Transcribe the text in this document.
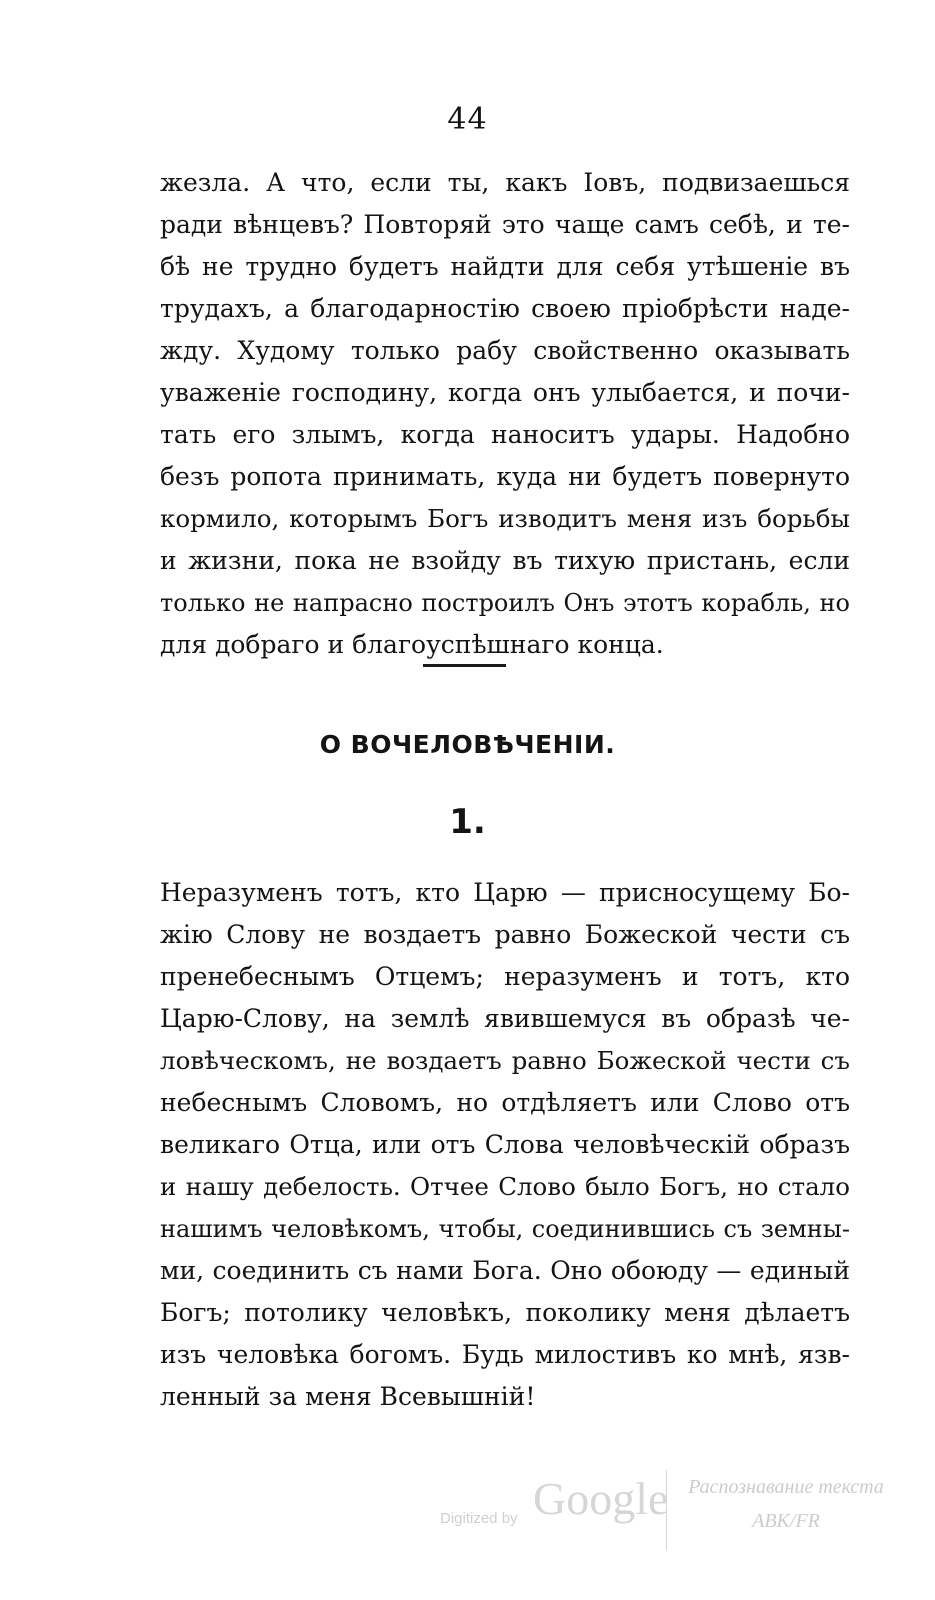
44
жезла. А что, если ты, какъ Іовъ, подвизаешься
ради вѣнцевъ? Повторяй это чаще самъ себѣ, и те-
бѣ не трудно будетъ найдти для себя утѣшеніе въ
трудахъ, а благодарностію своею пріобрѣсти наде-
жду. Худому только рабу свойственно оказывать
уваженіе господину, когда онъ улыбается, и почи-
тать его злымъ, когда наноситъ удары. Надобно
безъ ропота принимать, куда ни будетъ повернуто
кормило, которымъ Богъ изводитъ меня изъ борьбы
и жизни, пока не взойду въ тихую пристань, если
только не напрасно построилъ Онъ этотъ корабль, но
для добраго и благоуспѣшнаго конца.
О ВОЧЕЛОВѢЧЕНІИ.
1.
Неразуменъ тотъ, кто Царю — присносущему Бо-
жію Слову не воздаетъ равно Божеской чести съ
пренебеснымъ Отцемъ; неразуменъ и тотъ, кто
Царю-Слову, на землѣ явившемуся въ образѣ че-
ловѣческомъ, не воздаетъ равно Божеской чести съ
небеснымъ Словомъ, но отдѣляетъ или Слово отъ
великаго Отца, или отъ Слова человѣческій образъ
и нашу дебелость. Отчее Слово было Богъ, но стало
нашимъ человѣкомъ, чтобы, соединившись съ земны-
ми, соединить съ нами Бога. Оно обоюду — единый
Богъ; потолику человѣкъ, поколику меня дѣлаетъ
изъ человѣка богомъ. Будь милостивъ ко мнѣ, язв-
ленный за меня Всевышній!
Digitized by Google Распознавание текста
ABK/FR
